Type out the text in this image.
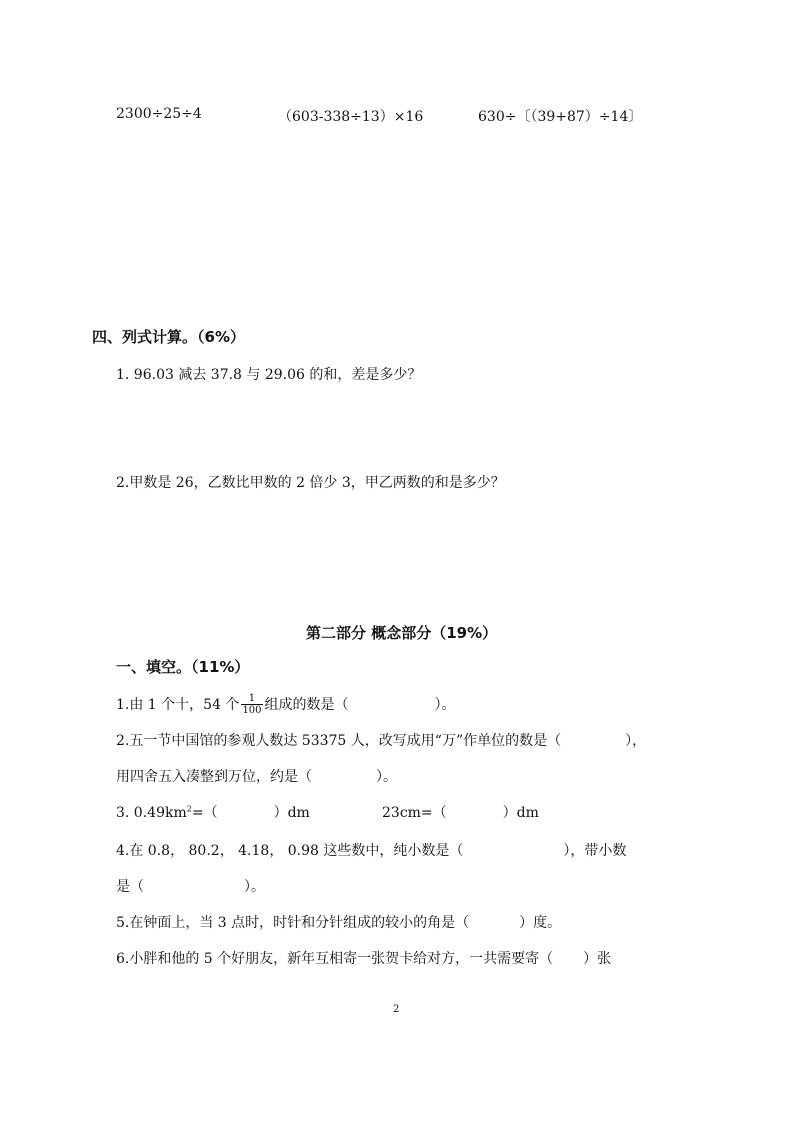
2300÷25÷4	（603-338÷13）×16	630÷〔（39+87）÷14〕
四、列式计算。（6%）
1. 96.03 减去 37.8 与 29.06 的和，差是多少？
2.甲数是 26，乙数比甲数的 2 倍少 3，甲乙两数的和是多少？
第二部分 概念部分（19%）
一、填空。（11%）
1.由 1 个十，54 个 $\frac{1}{100}$ 组成的数是（	）。
2.五一节中国馆的参观人数达 53375 人，改写成用“万”作单位的数是（	），
用四舍五入凑整到万位，约是（	）。
3. $0.49km^2=$（	）dm	23cm=（	）dm
4.在 0.8， 80.2， 4.18， 0.98 这些数中，纯小数是（	），带小数
是（	）。
5.在钟面上，当 3 点时，时针和分针组成的较小的角是（	）度。
6.小胖和他的 5 个好朋友，新年互相寄一张贺卡给对方，一共需要寄（ ）张
2
